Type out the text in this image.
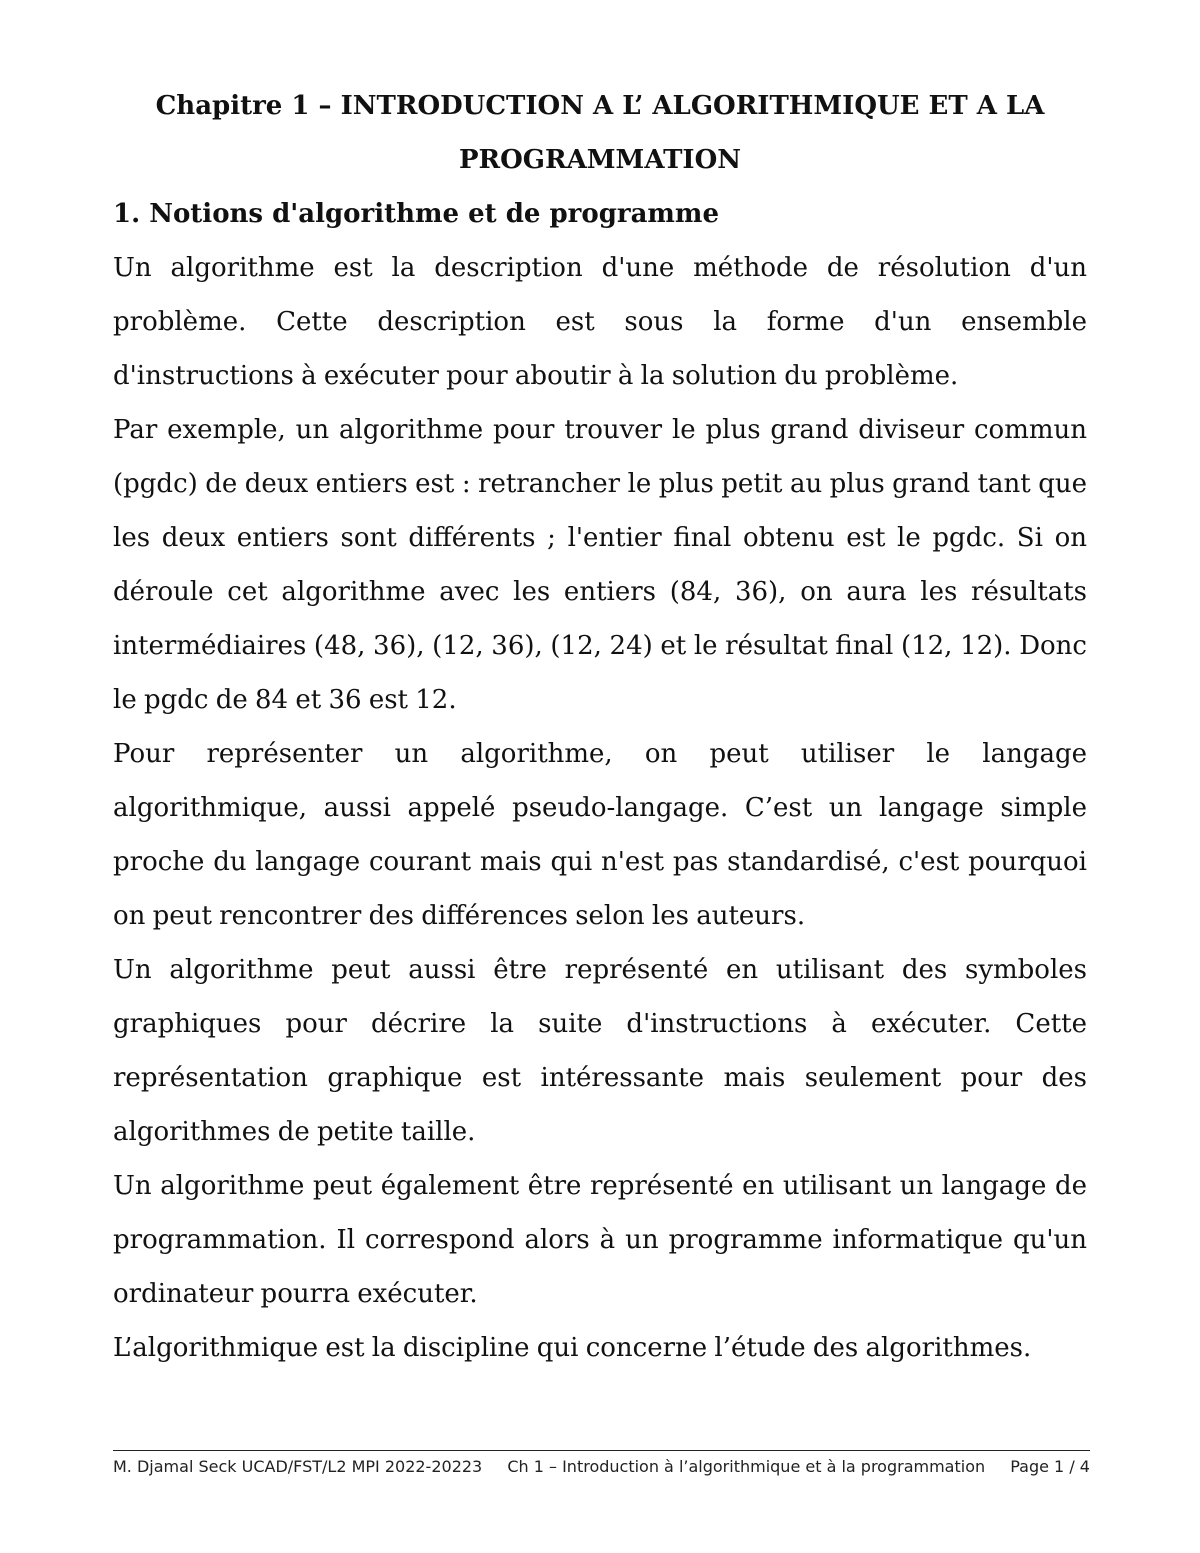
Chapitre 1 – INTRODUCTION A L’ ALGORITHMIQUE ET A LA PROGRAMMATION
1. Notions d'algorithme et de programme

Un algorithme est la description d'une méthode de résolution d'un problème. Cette description est sous la forme d'un ensemble d'instructions à exécuter pour aboutir à la solution du problème.

Par exemple, un algorithme pour trouver le plus grand diviseur commun (pgdc) de deux entiers est : retrancher le plus petit au plus grand tant que les deux entiers sont différents ; l'entier final obtenu est le pgdc. Si on déroule cet algorithme avec les entiers (84, 36), on aura les résultats intermédiaires (48, 36), (12, 36), (12, 24) et le résultat final (12, 12). Donc le pgdc de 84 et 36 est 12.

Pour représenter un algorithme, on peut utiliser le langage algorithmique, aussi appelé pseudo-langage. C’est un langage simple proche du langage courant mais qui n'est pas standardisé, c'est pourquoi on peut rencontrer des différences selon les auteurs.

Un algorithme peut aussi être représenté en utilisant des symboles graphiques pour décrire la suite d'instructions à exécuter. Cette représentation graphique est intéressante mais seulement pour des algorithmes de petite taille.

Un algorithme peut également être représenté en utilisant un langage de programmation. Il correspond alors à un programme informatique qu'un ordinateur pourra exécuter.

L’algorithmique est la discipline qui concerne l’étude des algorithmes.

M. Djamal Seck UCAD/FST/L2 MPI 2022-20223 Ch 1 – Introduction à l’algorithmique et à la programmation Page 1 / 4
